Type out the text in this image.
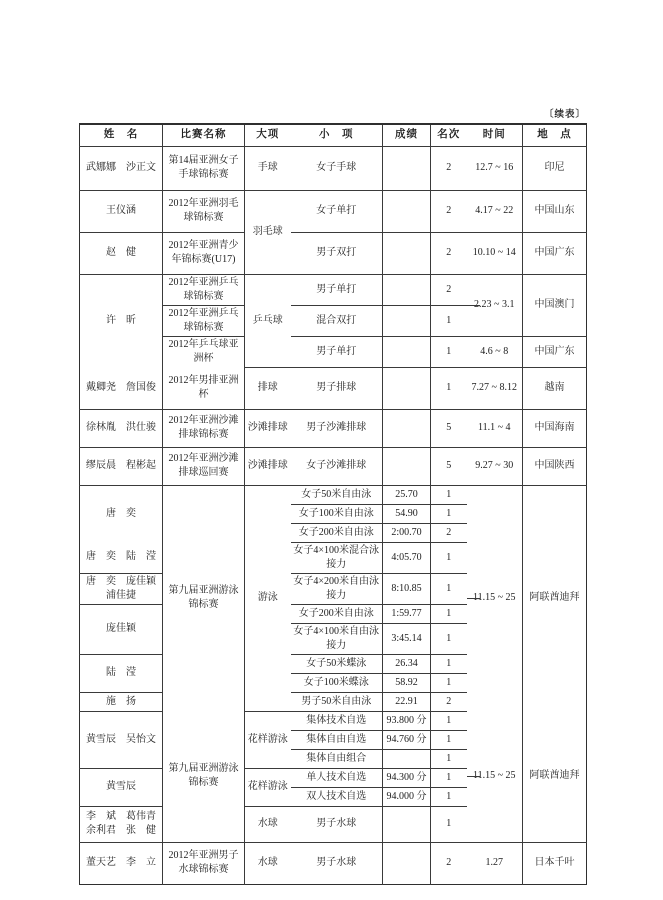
〔续表〕
姓　名	比赛名称	大项	小　项	成绩	名次	时间	地　点
武娜娜　沙正文	第14届亚洲女子手球锦标赛	手球	女子手球		2	12.7 ~ 16	印尼
王仪涵	2012年亚洲羽毛球锦标赛	羽毛球	女子单打		2	4.17 ~ 22	中国山东
赵　健	2012年亚洲青少年锦标赛(U17)		男子双打		2	10.10 ~ 14	中国广东
许　昕	2012年亚洲乒乓球锦标赛	乒乓球	男子单打		2	2.23 ~ 3.1	中国澳门
	2012年亚洲乒乓球锦标赛		混合双打		1		
	2012年乒乓球亚洲杯		男子单打		1	4.6 ~ 8	中国广东
戴卿尧　詹国俊	2012年男排亚洲杯	排球	男子排球		1	7.27 ~ 8.12	越南
徐林胤　洪仕骏	2012年亚洲沙滩排球锦标赛	沙滩排球	男子沙滩排球		5	11.1 ~ 4	中国海南
缪辰晨　程彬起	2012年亚洲沙滩排球巡回赛	沙滩排球	女子沙滩排球		5	9.27 ~ 30	中国陕西
唐　奕	第九届亚洲游泳锦标赛	游泳	女子50米自由泳	25.70	1	11.15 ~ 25	阿联酋迪拜
			女子100米自由泳	54.90	1		
			女子200米自由泳	2:00.70	2		
唐　奕　陆　滢			女子4×100米混合泳接力	4:05.70	1		
唐　奕　庞佳颖　浦佳捷			女子4×200米自由泳接力	8:10.85	1		
庞佳颖			女子200米自由泳	1:59.77	1		
			女子4×100米自由泳接力	3:45.14	1		
陆　滢			女子50米蝶泳	26.34	1		
			女子100米蝶泳	58.92	1		
施　扬			男子50米自由泳	22.91	2		
黄雪辰　吴怡文	第九届亚洲游泳锦标赛	花样游泳	集体技术自选	93.800 分	1	11.15 ~ 25	阿联酋迪拜
			集体自由自选	94.760 分	1		
			集体自由组合		1		
黄雪辰		花样游泳	单人技术自选	94.300 分	1		
			双人技术自选	94.000 分	1		
李　斌　葛伟青　余利君　张　健		水球	男子水球		1		
董天艺　李　立	2012年亚洲男子水球锦标赛	水球	男子水球		2	1.27	日本千叶
